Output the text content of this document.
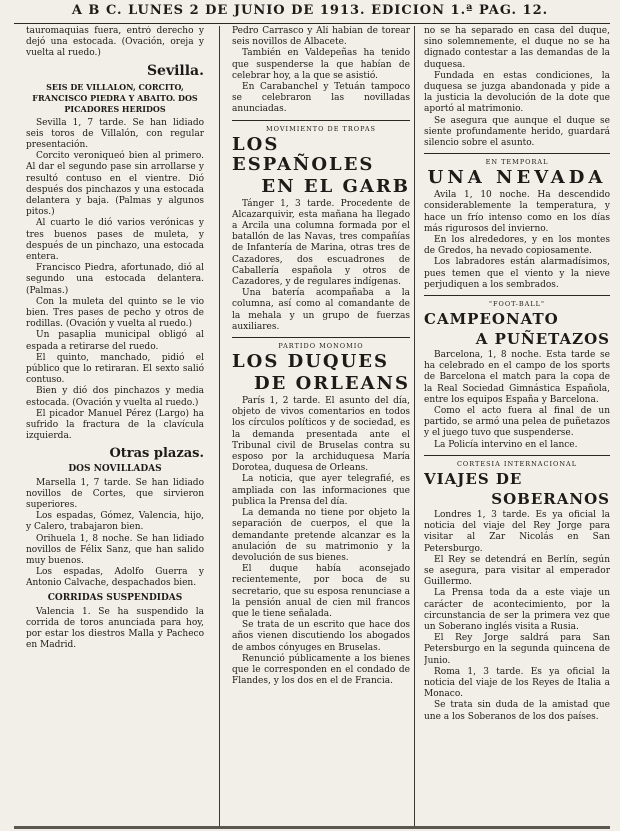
A B C. LUNES 2 DE JUNIO DE 1913. EDICION 1.ª PAG. 12.

tauromaquias fuera, entró derecho y dejó una estocada. (Ovación, oreja y vuelta al ruedo.)

Sevilla.
SEIS DE VILLALON, CORCITO, FRANCISCO PIEDRA Y ABAITO. DOS PICADORES HERIDOS

Sevilla 1, 7 tarde. Se han lidiado seis toros de Villalón, con regular presentación.

Corcito veroniqueó bien al primero. Al dar el segundo pase sin arrollarse y resultó contuso en el vientre. Dió después dos pinchazos y una estocada delantera y baja. (Palmas y algunos pitos.)

Al cuarto le dió varios verónicas y tres buenos pases de muleta, y después de un pinchazo, una estocada entera.

Francisco Piedra, afortunado, dió al segundo una estocada delantera. (Palmas.)

Con la muleta del quinto se le vio bien. Tres pases de pecho y otros de rodillas. (Ovación y vuelta al ruedo.)

Un pasaplia municipal obligó al espada a retirarse del ruedo.

El quinto, manchado, pidió el público que lo retiraran. El sexto salió contuso.

Bien y dió dos pinchazos y media estocada. (Ovación y vuelta al ruedo.)

El picador Manuel Pérez (Largo) ha sufrido la fractura de la clavícula izquierda.

Otras plazas.
DOS NOVILLADAS

Marsella 1, 7 tarde. Se han lidiado novillos de Cortes, que sirvieron superiores.

Los espadas, Gómez, Valencia, hijo, y Calero, trabajaron bien.

Orihuela 1, 8 noche. Se han lidiado novillos de Félix Sanz, que han salido muy buenos.

Los espadas, Adolfo Guerra y Antonio Calvache, despachados bien.

CORRIDAS SUSPENDIDAS

Valencia 1. Se ha suspendido la corrida de toros anunciada para hoy, por estar los diestros Malla y Pacheco en Madrid.

Pedro Carrasco y Alí habían de torear seis novillos de Albacete.

También en Valdepeñas ha tenido que suspenderse la que habían de celebrar hoy, a la que se asistió.

En Carabanchel y Tetuán tampoco se celebraron las novilladas anunciadas.

MOVIMIENTO DE TROPAS
LOS ESPAÑOLES
EN EL GARB

Tánger 1, 3 tarde. Procedente de Alcazarquivir, esta mañana ha llegado a Arcila una columna formada por el batallón de las Navas, tres compañías de Infantería de Marina, otras tres de Cazadores, dos escuadrones de Caballería española y otros de Cazadores, y de regulares indígenas.

Una batería acompañaba a la columna, así como al comandante de la mehala y un grupo de fuerzas auxiliares.

PARTIDO MONOMIO
LOS DUQUES
DE ORLEANS

París 1, 2 tarde. El asunto del día, objeto de vivos comentarios en todos los círculos políticos y de sociedad, es la demanda presentada ante el Tribunal civil de Bruselas contra su esposo por la archiduquesa María Dorotea, duquesa de Orleans.

La noticia, que ayer telegrafié, es ampliada con las informaciones que publica la Prensa del día.

La demanda no tiene por objeto la separación de cuerpos, el que la demandante pretende alcanzar es la anulación de su matrimonio y la devolución de sus bienes.

El duque había aconsejado recientemente, por boca de su secretario, que su esposa renunciase a la pensión anual de cien mil francos que le tiene señalada.

Se trata de un escrito que hace dos años vienen discutiendo los abogados de ambos cónyuges en Bruselas.

Renunció públicamente a los bienes que le corresponden en el condado de Flandes, y los dos en el de Francia.

no se ha separado en casa del duque, sino solemnemente, el duque no se ha dignado contestar a las demandas de la duquesa.

Fundada en estas condiciones, la duquesa se juzga abandonada y pide a la justicia la devolución de la dote que aportó al matrimonio.

Se asegura que aunque el duque se siente profundamente herido, guardará silencio sobre el asunto.

EN TEMPORAL
UNA NEVADA

Avila 1, 10 noche. Ha descendido considerablemente la temperatura, y hace un frío intenso como en los días más rigurosos del invierno.

En los alrededores, y en los montes de Gredos, ha nevado copiosamente.

Los labradores están alarmadísimos, pues temen que el viento y la nieve perjudiquen a los sembrados.

"FOOT-BALL"
CAMPEONATO
A PUÑETAZOS

Barcelona, 1, 8 noche. Esta tarde se ha celebrado en el campo de los sports de Barcelona el match para la copa de la Real Sociedad Gimnástica Española, entre los equipos España y Barcelona.

Como el acto fuera al final de un partido, se armó una pelea de puñetazos y el juego tuvo que suspenderse.

La Policía intervino en el lance.

CORTESIA INTERNACIONAL
VIAJES DE
SOBERANOS

Londres 1, 3 tarde. Es ya oficial la noticia del viaje del Rey Jorge para visitar al Zar Nicolás en San Petersburgo.

El Rey se detendrá en Berlín, según se asegura, para visitar al emperador Guillermo.

La Prensa toda da a este viaje un carácter de acontecimiento, por la circunstancia de ser la primera vez que un Soberano inglés visita a Rusia.

El Rey Jorge saldrá para San Petersburgo en la segunda quincena de Junio.

Roma 1, 3 tarde. Es ya oficial la noticia del viaje de los Reyes de Italia a Monaco.

Se trata sin duda de la amistad que une a los Soberanos de los dos países.
